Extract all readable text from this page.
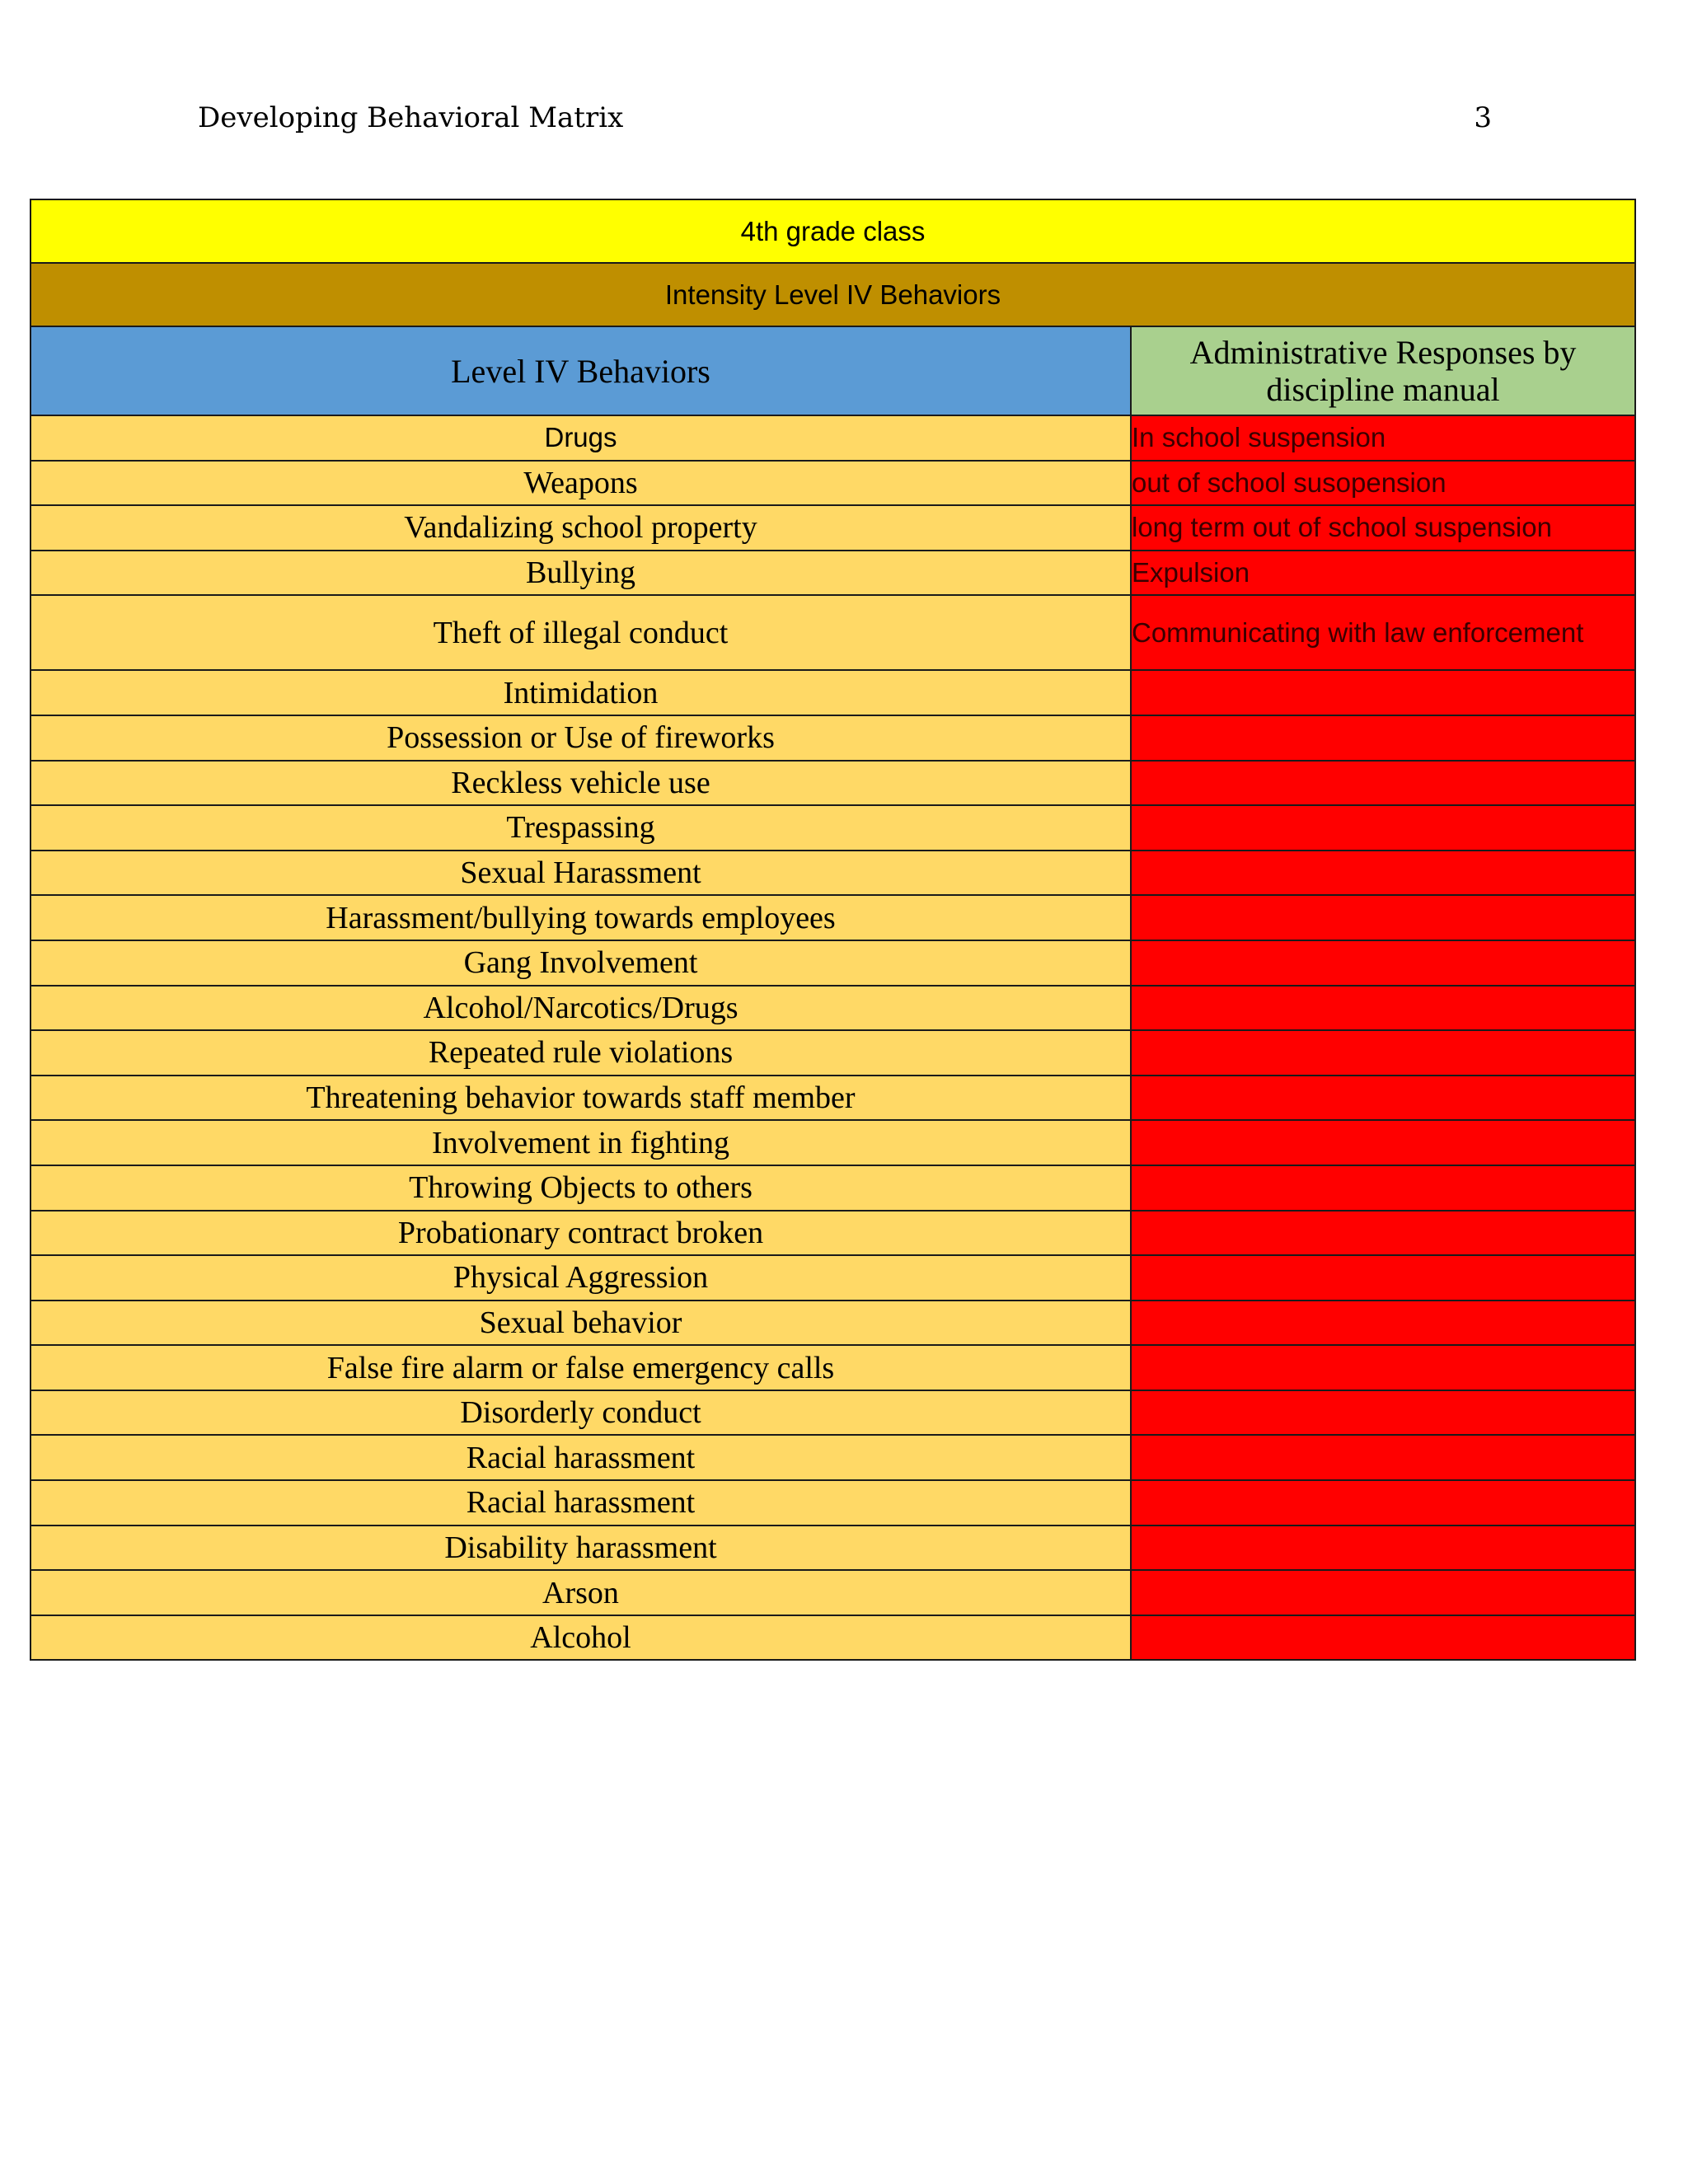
Developing Behavioral Matrix	3
4th grade class	
Intensity Level IV Behaviors	
Level IV Behaviors	Administrative Responses by discipline manual
Drugs	In school suspension
Weapons	out of school susopension
Vandalizing school property	long term out of school suspension
Bullying	Expulsion
Theft of illegal conduct	Communicating with law enforcement
Intimidation	
Possession or Use of fireworks	
Reckless vehicle use	
Trespassing	
Sexual Harassment	
Harassment/bullying towards employees	
Gang Involvement	
Alcohol/Narcotics/Drugs	
Repeated rule violations	
Threatening behavior towards staff member	
Involvement in fighting	
Throwing Objects to others	
Probationary contract broken	
Physical Aggression	
Sexual behavior	
False fire alarm or false emergency calls	
Disorderly conduct	
Racial harassment	
Racial harassment	
Disability harassment	
Arson	
Alcohol	
